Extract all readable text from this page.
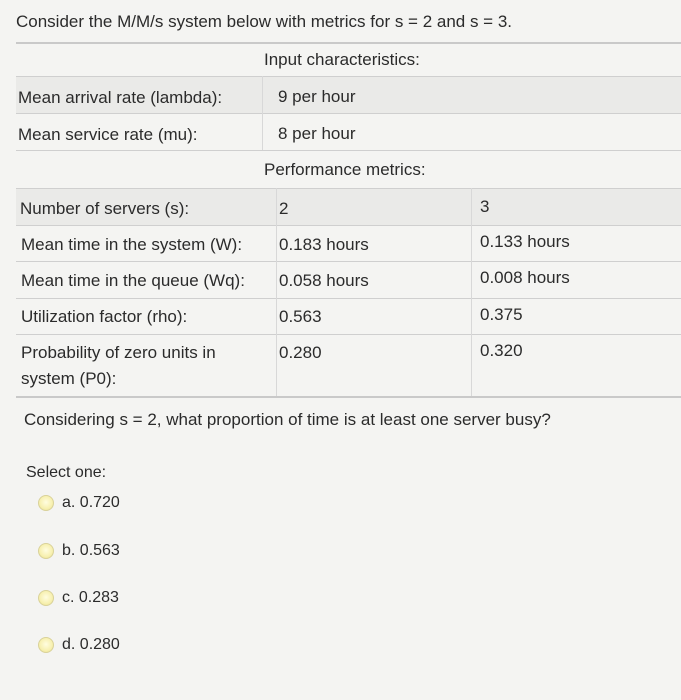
Consider the M/M/s system below with metrics for s = 2 and s = 3.
Input characteristics:
Performance metrics:
Mean arrival rate (lambda):	9 per hour
Mean service rate (mu):	8 per hour
Number of servers (s):	2	3
Mean time in the system (W): 0.183 hours	0.133 hours
Mean time in the queue (Wq): 0.058 hours	0.008 hours
Utilization factor (rho):	0.563	0.375
Probability of zero units in
system (P0):
0.280	0.320
Considering s = 2, what proportion of time is at least one server busy?
Select one:
a. 0.720
b. 0.563
c. 0.283
d. 0.280
